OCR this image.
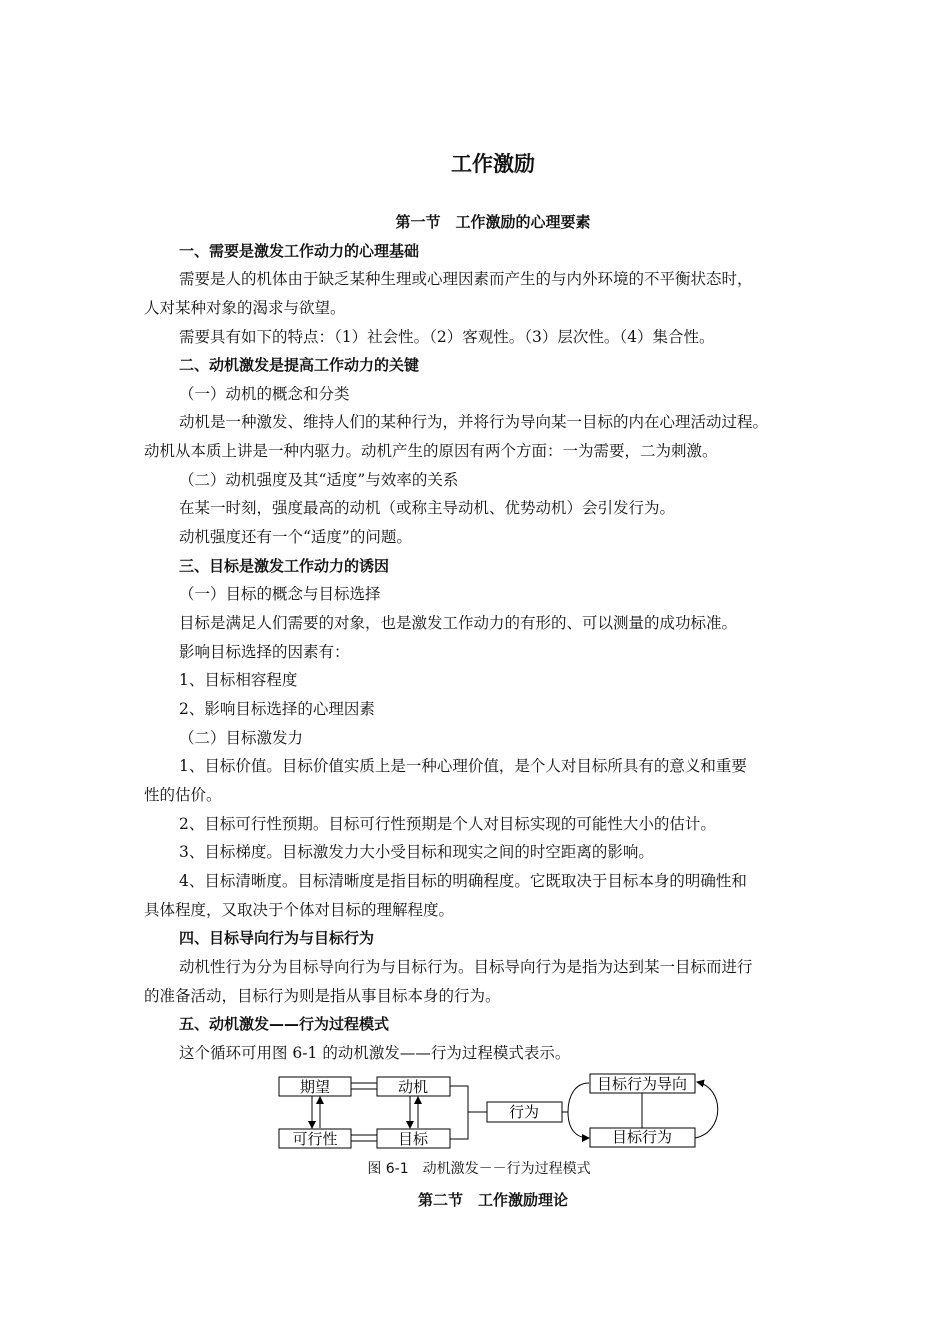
工作激励
第一节　工作激励的心理要素
一、需要是激发工作动力的心理基础
需要是人的机体由于缺乏某种生理或心理因素而产生的与内外环境的不平衡状态时，
人对某种对象的渴求与欲望。
需要具有如下的特点：（1）社会性。（2）客观性。（3）层次性。（4）集合性。
二、动机激发是提高工作动力的关键
（一）动机的概念和分类
动机是一种激发、维持人们的某种行为，并将行为导向某一目标的内在心理活动过程。
动机从本质上讲是一种内驱力。动机产生的原因有两个方面：一为需要，二为刺激。
（二）动机强度及其“适度”与效率的关系
在某一时刻，强度最高的动机（或称主导动机、优势动机）会引发行为。
动机强度还有一个“适度”的问题。
三、目标是激发工作动力的诱因
（一）目标的概念与目标选择
目标是满足人们需要的对象，也是激发工作动力的有形的、可以测量的成功标准。
影响目标选择的因素有：
1、目标相容程度
2、影响目标选择的心理因素
（二）目标激发力
1、目标价值。目标价值实质上是一种心理价值，是个人对目标所具有的意义和重要
性的估价。
2、目标可行性预期。目标可行性预期是个人对目标实现的可能性大小的估计。
3、目标梯度。目标激发力大小受目标和现实之间的时空距离的影响。
4、目标清晰度。目标清晰度是指目标的明确程度。它既取决于目标本身的明确性和
具体程度，又取决于个体对目标的理解程度。
四、目标导向行为与目标行为
动机性行为分为目标导向行为与目标行为。目标导向行为是指为达到某一目标而进行
的准备活动，目标行为则是指从事目标本身的行为。
五、动机激发——行为过程模式
这个循环可用图 6-1 的动机激发——行为过程模式表示。
期望	动机
可行性	目标
行为
目标行为导向
目标行为
图 6-1　动机激发－－行为过程模式
第二节　工作激励理论
